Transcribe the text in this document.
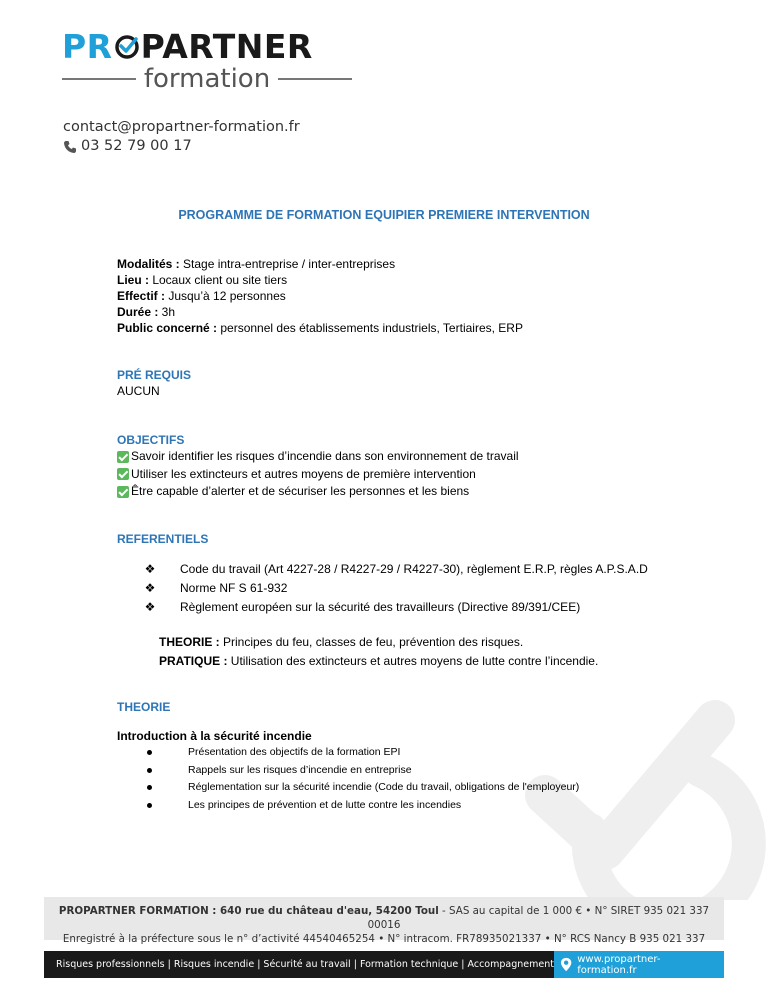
PR PARTNER
formation
contact@propartner-formation.fr
03 52 79 00 17
PROGRAMME DE FORMATION EQUIPIER PREMIERE INTERVENTION
Modalités : Stage intra-entreprise / inter-entreprises
Lieu : Locaux client ou site tiers
Effectif : Jusqu’à 12 personnes
Durée : 3h
Public concerné : personnel des établissements industriels, Tertiaires, ERP
PRÉ REQUIS
AUCUN
OBJECTIFS
Savoir identifier les risques d’incendie dans son environnement de travail
Utiliser les extincteurs et autres moyens de première intervention
Être capable d’alerter et de sécuriser les personnes et les biens
REFERENTIELS
❖	Code du travail (Art 4227-28 / R4227-29 / R4227-30), règlement E.R.P, règles A.P.S.A.D
❖	Norme NF S 61-932
❖	Règlement européen sur la sécurité des travailleurs (Directive 89/391/CEE)
THEORIE : Principes du feu, classes de feu, prévention des risques.
PRATIQUE : Utilisation des extincteurs et autres moyens de lutte contre l’incendie.
THEORIE
Introduction à la sécurité incendie
Présentation des objectifs de la formation EPI
Rappels sur les risques d’incendie en entreprise
Réglementation sur la sécurité incendie (Code du travail, obligations de l'employeur)
Les principes de prévention et de lutte contre les incendies
PROPARTNER FORMATION : 640 rue du château d'eau, 54200 Toul - SAS au capital de 1 000 € • N° SIRET 935 021 337 00016
Enregistré à la préfecture sous le n° d’activité 44540465254 • N° intracom. FR78935021337 • N° RCS Nancy B 935 021 337
Risques professionnels | Risques incendie | Sécurité au travail | Formation technique | Accompagnement www.propartner-formation.fr
